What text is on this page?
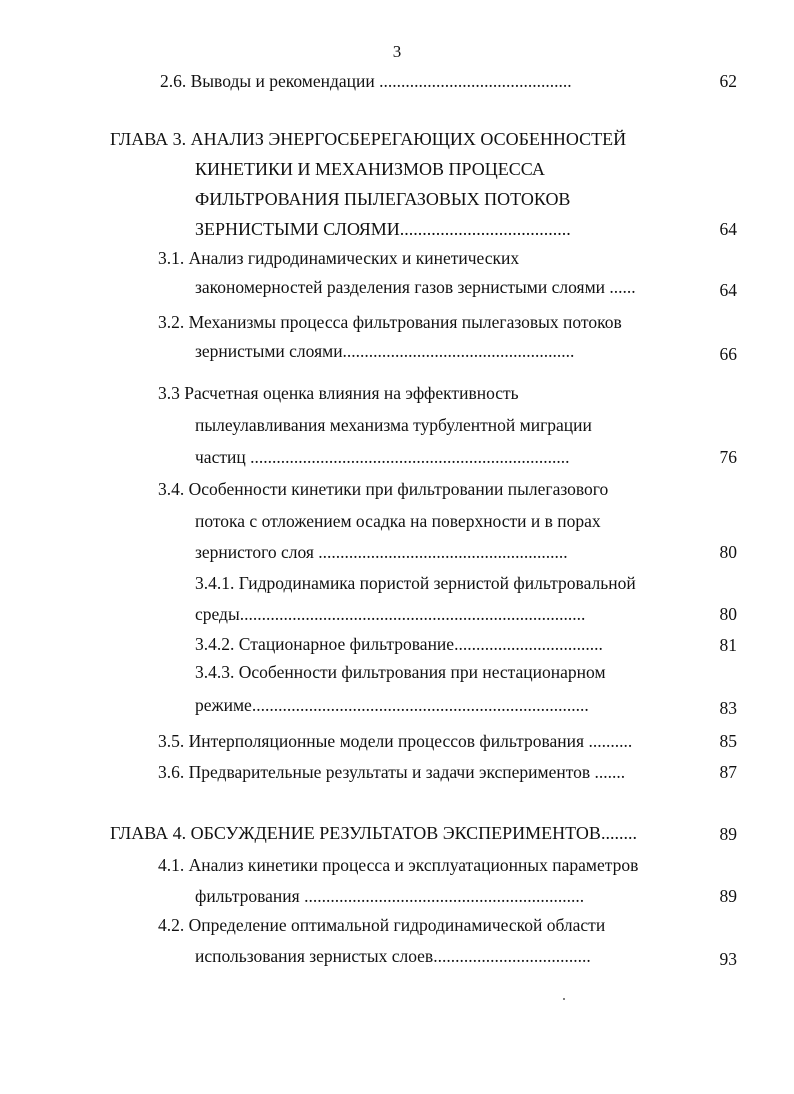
3
2.6. Выводы и рекомендации ............................................	62
ГЛАВА 3. АНАЛИЗ ЭНЕРГОСБЕРЕГАЮЩИХ ОСОБЕННОСТЕЙ
КИНЕТИКИ И МЕХАНИЗМОВ ПРОЦЕССА
ФИЛЬТРОВАНИЯ ПЫЛЕГАЗОВЫХ ПОТОКОВ
ЗЕРНИСТЫМИ СЛОЯМИ......................................	64
3.1. Анализ гидродинамических и кинетических
закономерностей разделения газов зернистыми слоями ......	64
3.2. Механизмы процесса фильтрования пылегазовых потоков
зернистыми слоями.....................................................	66
3.3 Расчетная оценка влияния на эффективность
пылеулавливания механизма турбулентной миграции
частиц .........................................................................	76
3.4. Особенности кинетики при фильтровании пылегазового
потока с отложением осадка на поверхности и в порах
зернистого слоя .........................................................	80
3.4.1. Гидродинамика пористой зернистой фильтровальной
среды...............................................................................	80
3.4.2. Стационарное фильтрование..................................	81
3.4.3. Особенности фильтрования при нестационарном
режиме.............................................................................	83
3.5. Интерполяционные модели процессов фильтрования ..........	85
3.6. Предварительные результаты и задачи экспериментов .......	87
ГЛАВА 4. ОБСУЖДЕНИЕ РЕЗУЛЬТАТОВ ЭКСПЕРИМЕНТОВ........	89
4.1. Анализ кинетики процесса и эксплуатационных параметров
фильтрования ................................................................	89
4.2. Определение оптимальной гидродинамической области
использования зернистых слоев....................................	93
